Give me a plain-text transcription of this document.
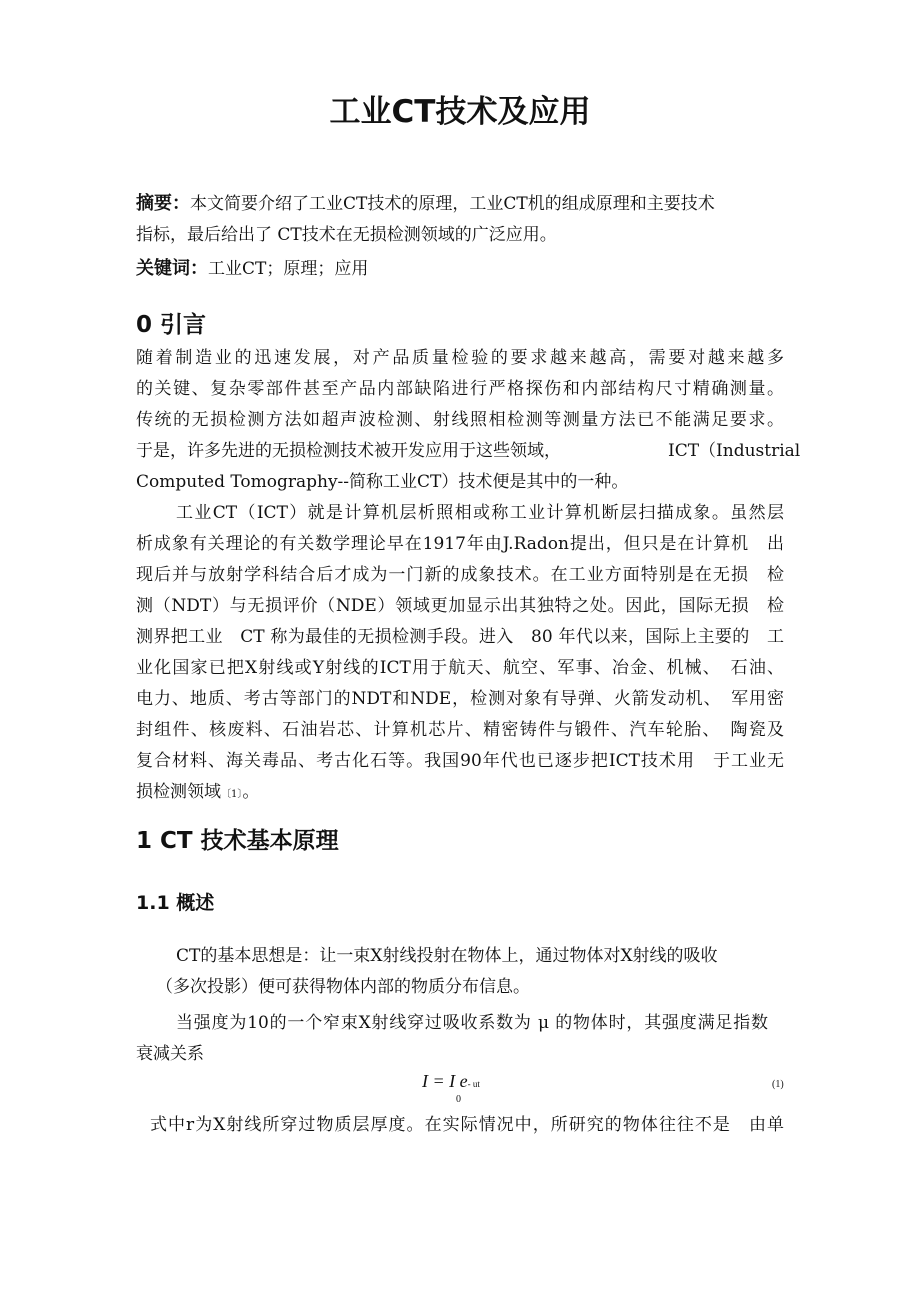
工业CT技术及应用
摘要：本文简要介绍了工业CT技术的原理，工业CT机的组成原理和主要技术
指标，最后给出了 CT技术在无损检测领域的广泛应用。
关键词：工业CT；原理；应用
0 引言
随着制造业的迅速发展，对产品质量检验的要求越来越高，需要对越来越多
的关键、复杂零部件甚至产品内部缺陷进行严格探伤和内部结构尺寸精确测量。
传统的无损检测方法如超声波检测、射线照相检测等测量方法已不能满足要求。
于是，许多先进的无损检测技术被开发应用于这些领域，	ICT（Industrial
Computed Tomography--简称工业CT）技术便是其中的一种。
工业CT（ICT）就是计算机层析照相或称工业计算机断层扫描成象。虽然层
析成象有关理论的有关数学理论早在1917年由J.Radon提出，但只是在计算机　出
现后并与放射学科结合后才成为一门新的成象技术。在工业方面特别是在无损　检
测（NDT）与无损评价（NDE）领域更加显示出其独特之处。因此，国际无损　检
测界把工业　CT 称为最佳的无损检测手段。进入　80 年代以来，国际上主要的　工
业化国家已把X射线或Y射线的ICT用于航天、航空、军事、冶金、机械、　石油、
电力、地质、考古等部门的NDT和NDE，检测对象有导弹、火箭发动机、　军用密
封组件、核废料、石油岩芯、计算机芯片、精密铸件与锻件、汽车轮胎、　陶瓷及
复合材料、海关毒品、考古化石等。我国90年代也已逐步把ICT技术用　于工业无
损检测领域〔1〕。
1 CT 技术基本原理
1.1 概述
CT的基本思想是：让一束X射线投射在物体上，通过物体对X射线的吸收
（多次投影）便可获得物体内部的物质分布信息。
当强度为10的一个窄束X射线穿过吸收系数为 μ 的物体时，其强度满足指数
衰减关系
I = I e- ut
0
(1)
式中r为X射线所穿过物质层厚度。在实际情况中，所研究的物体往往不是　由单
